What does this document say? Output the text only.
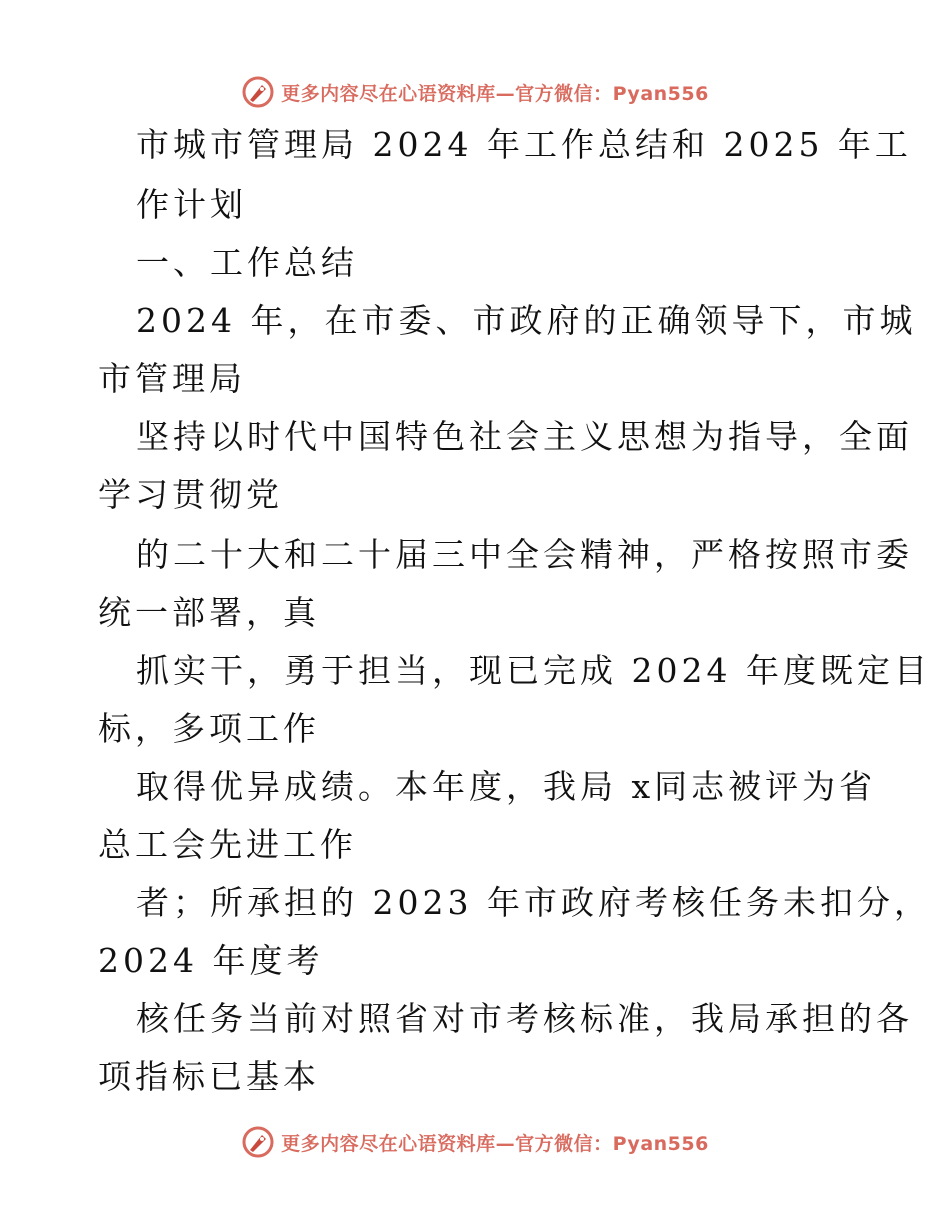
更多内容尽在心语资料库—官方微信：Pyan556
市城市管理局 2024 年工作总结和 2025 年工
作计划
一、工作总结
2024 年，在市委、市政府的正确领导下，市城
市管理局
坚持以时代中国特色社会主义思想为指导，全面
学习贯彻党
的二十大和二十届三中全会精神，严格按照市委
统一部署，真
抓实干，勇于担当，现已完成 2024 年度既定目
标，多项工作
取得优异成绩。本年度，我局 x同志被评为省
总工会先进工作
者；所承担的 2023 年市政府考核任务未扣分，
2024 年度考
核任务当前对照省对市考核标准，我局承担的各
项指标已基本
更多内容尽在心语资料库—官方微信：Pyan556
